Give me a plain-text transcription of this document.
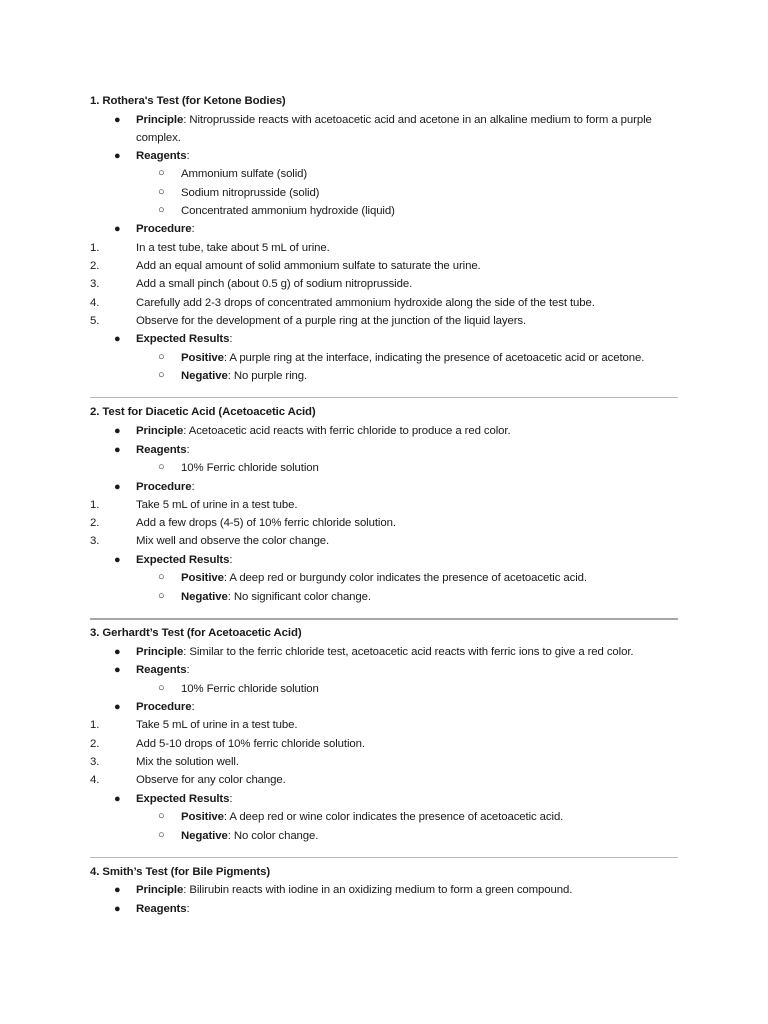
1. Rothera's Test (for Ketone Bodies)
● Principle: Nitroprusside reacts with acetoacetic acid and acetone in an alkaline medium to form a purple
complex.
● Reagents:
○ Ammonium sulfate (solid)
○ Sodium nitroprusside (solid)
○ Concentrated ammonium hydroxide (liquid)
● Procedure:
1.	In a test tube, take about 5 mL of urine.
2.	Add an equal amount of solid ammonium sulfate to saturate the urine.
3.	Add a small pinch (about 0.5 g) of sodium nitroprusside.
4.	Carefully add 2-3 drops of concentrated ammonium hydroxide along the side of the test tube.
5.	Observe for the development of a purple ring at the junction of the liquid layers.
● Expected Results:
○ Positive: A purple ring at the interface, indicating the presence of acetoacetic acid or acetone.
○ Negative: No purple ring.
2. Test for Diacetic Acid (Acetoacetic Acid)
● Principle: Acetoacetic acid reacts with ferric chloride to produce a red color.
● Reagents:
○ 10% Ferric chloride solution
● Procedure:
1.	Take 5 mL of urine in a test tube.
2.	Add a few drops (4-5) of 10% ferric chloride solution.
3.	Mix well and observe the color change.
● Expected Results:
○ Positive: A deep red or burgundy color indicates the presence of acetoacetic acid.
○ Negative: No significant color change.
3. Gerhardt’s Test (for Acetoacetic Acid)
● Principle: Similar to the ferric chloride test, acetoacetic acid reacts with ferric ions to give a red color.
● Reagents:
○ 10% Ferric chloride solution
● Procedure:
1.	Take 5 mL of urine in a test tube.
2.	Add 5-10 drops of 10% ferric chloride solution.
3.	Mix the solution well.
4.	Observe for any color change.
● Expected Results:
○ Positive: A deep red or wine color indicates the presence of acetoacetic acid.
○ Negative: No color change.
4. Smith’s Test (for Bile Pigments)
● Principle: Bilirubin reacts with iodine in an oxidizing medium to form a green compound.
● Reagents:
